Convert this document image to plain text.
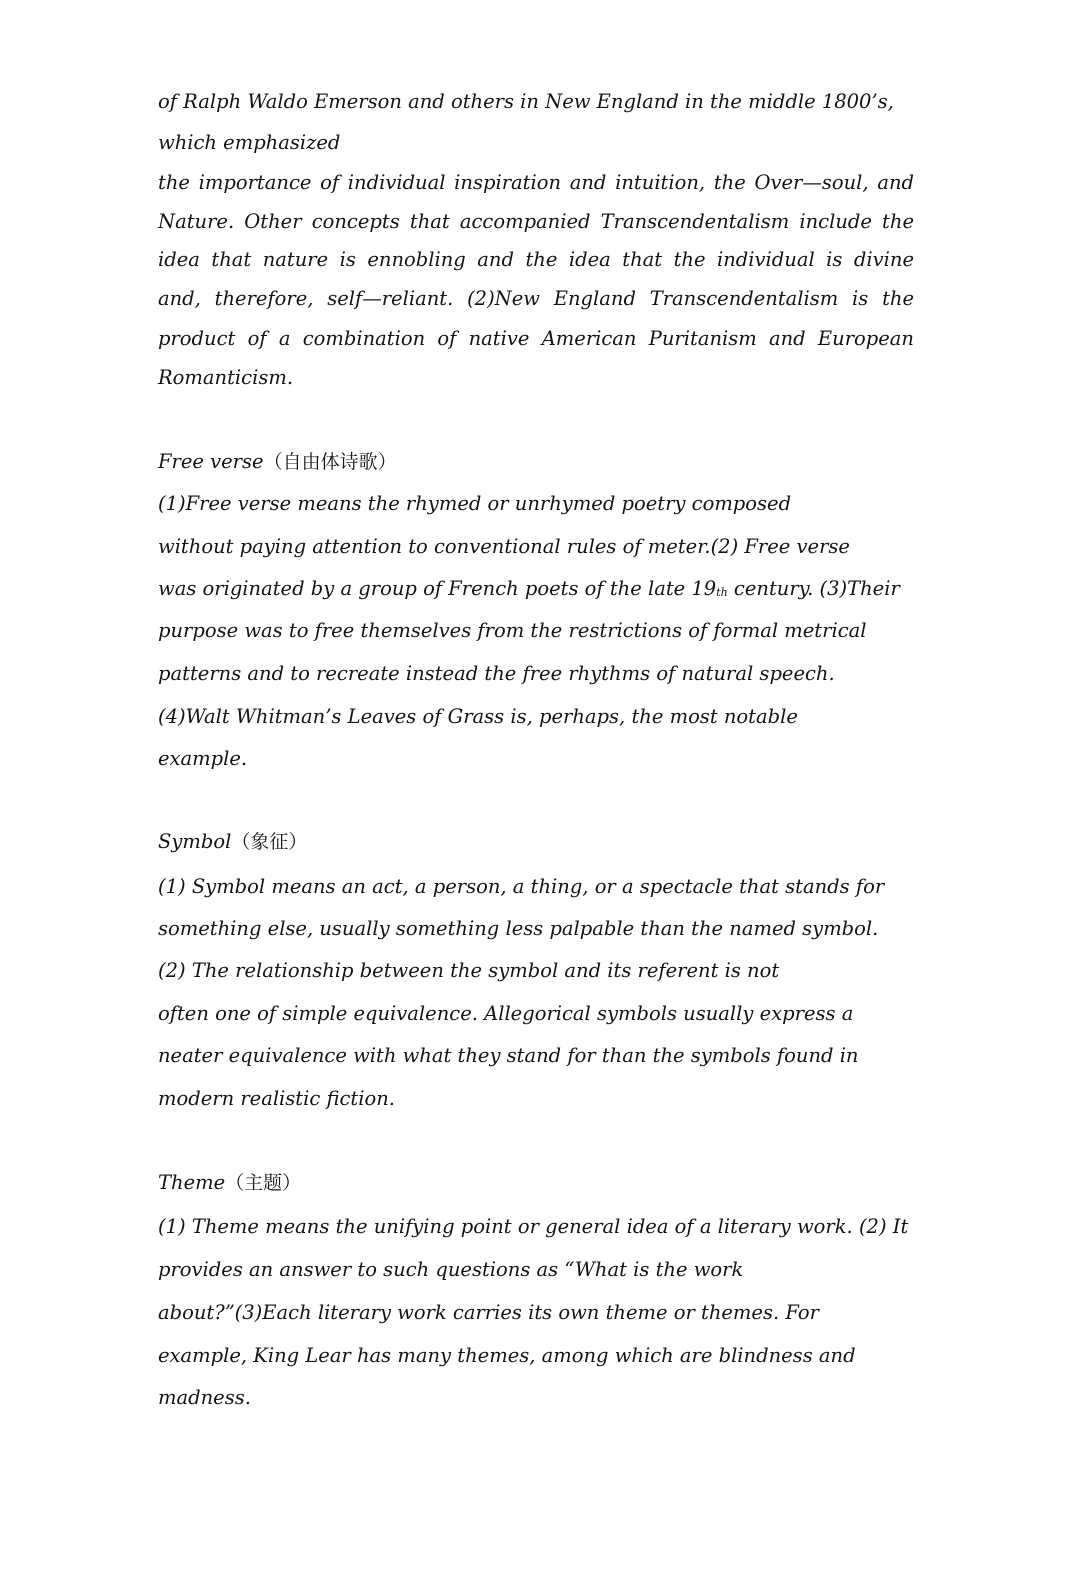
of Ralph Waldo Emerson and others in New England in the middle 1800’s,

which emphasized

the importance of individual inspiration and intuition, the Over—soul, and

Nature. Other concepts that accompanied Transcendentalism include the

idea that nature is ennobling and the idea that the individual is divine

and, therefore, self—reliant. (2)New England Transcendentalism is the

product of a combination of native American Puritanism and European

Romanticism.

Free verse（自由体诗歌）

(1)Free verse means the rhymed or unrhymed poetry composed

without paying attention to conventional rules of meter.(2) Free verse

was originated by a group of French poets of the late $19_{th}$ century. (3)Their

purpose was to free themselves from the restrictions of formal metrical

patterns and to recreate instead the free rhythms of natural speech.

(4)Walt Whitman’s Leaves of Grass is, perhaps, the most notable

example.

Symbol（象征）

(1) Symbol means an act, a person, a thing, or a spectacle that stands for

something else, usually something less palpable than the named symbol.

(2) The relationship between the symbol and its referent is not

often one of simple equivalence. Allegorical symbols usually express a

neater equivalence with what they stand for than the symbols found in

modern realistic fiction.

Theme（主题）

(1) Theme means the unifying point or general idea of a literary work. (2) It

provides an answer to such questions as “What is the work

about?”(3)Each literary work carries its own theme or themes. For

example, King Lear has many themes, among which are blindness and

madness.
